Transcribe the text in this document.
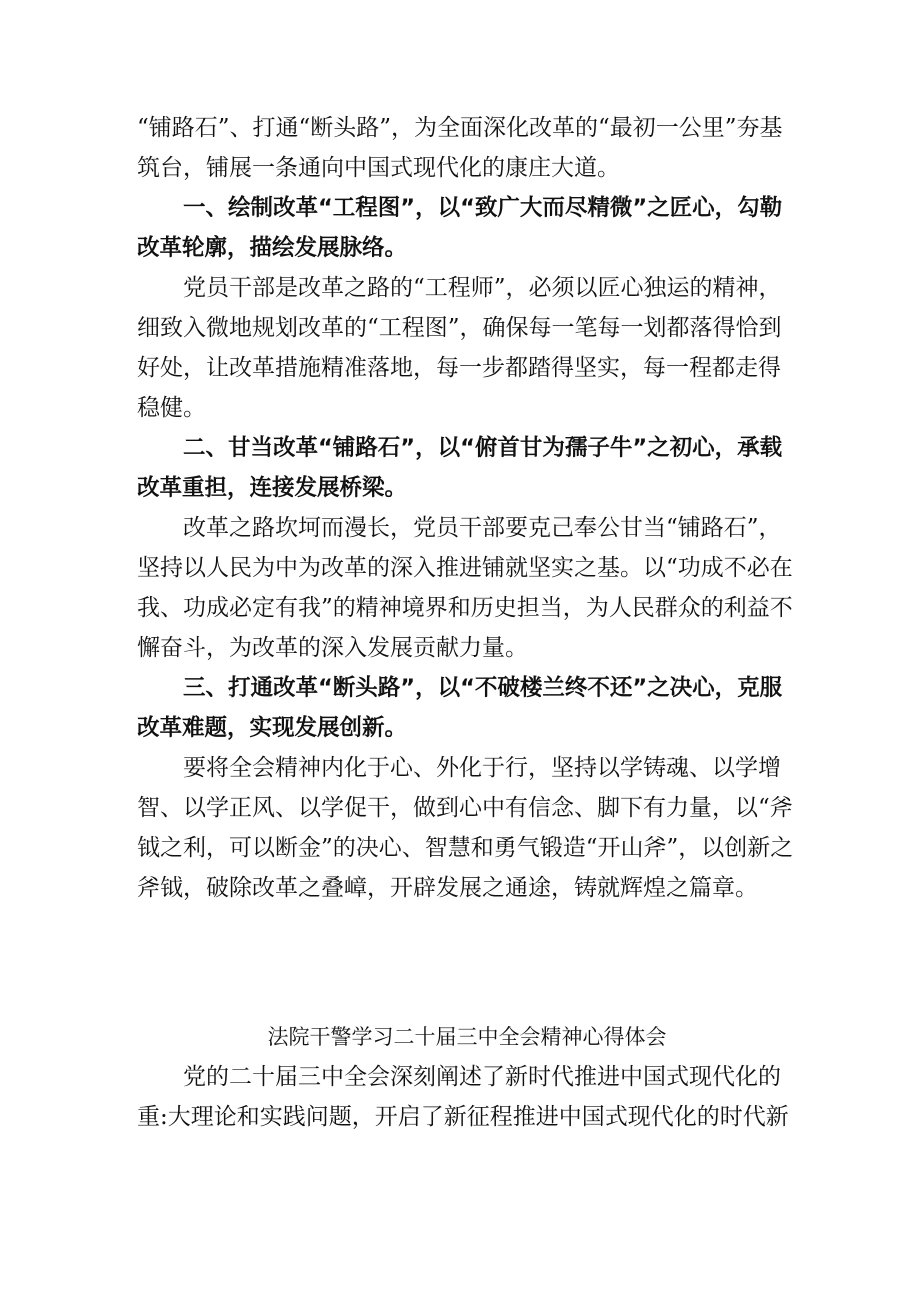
“铺路石”、打通“断头路”，为全面深化改革的“最初一公里”夯基筑台，铺展一条通向中国式现代化的康庄大道。

一、绘制改革“工程图”，以“致广大而尽精微”之匠心，勾勒改革轮廓，描绘发展脉络。

党员干部是改革之路的“工程师”，必须以匠心独运的精神，细致入微地规划改革的“工程图”，确保每一笔每一划都落得恰到好处，让改革措施精准落地，每一步都踏得坚实，每一程都走得稳健。

二、甘当改革“铺路石”，以“俯首甘为孺子牛”之初心，承载改革重担，连接发展桥梁。

改革之路坎坷而漫长，党员干部要克己奉公甘当“铺路石”，坚持以人民为中为改革的深入推进铺就坚实之基。以“功成不必在我、功成必定有我”的精神境界和历史担当，为人民群众的利益不懈奋斗，为改革的深入发展贡献力量。

三、打通改革“断头路”，以“不破楼兰终不还”之决心，克服改革难题，实现发展创新。

要将全会精神内化于心、外化于行，坚持以学铸魂、以学增智、以学正风、以学促干，做到心中有信念、脚下有力量，以“斧钺之利，可以断金”的决心、智慧和勇气锻造“开山斧”，以创新之斧钺，破除改革之叠嶂，开辟发展之通途，铸就辉煌之篇章。

法院干警学习二十届三中全会精神心得体会

党的二十届三中全会深刻阐述了新时代推进中国式现代化的重:大理论和实践问题，开启了新征程推进中国式现代化的时代新
